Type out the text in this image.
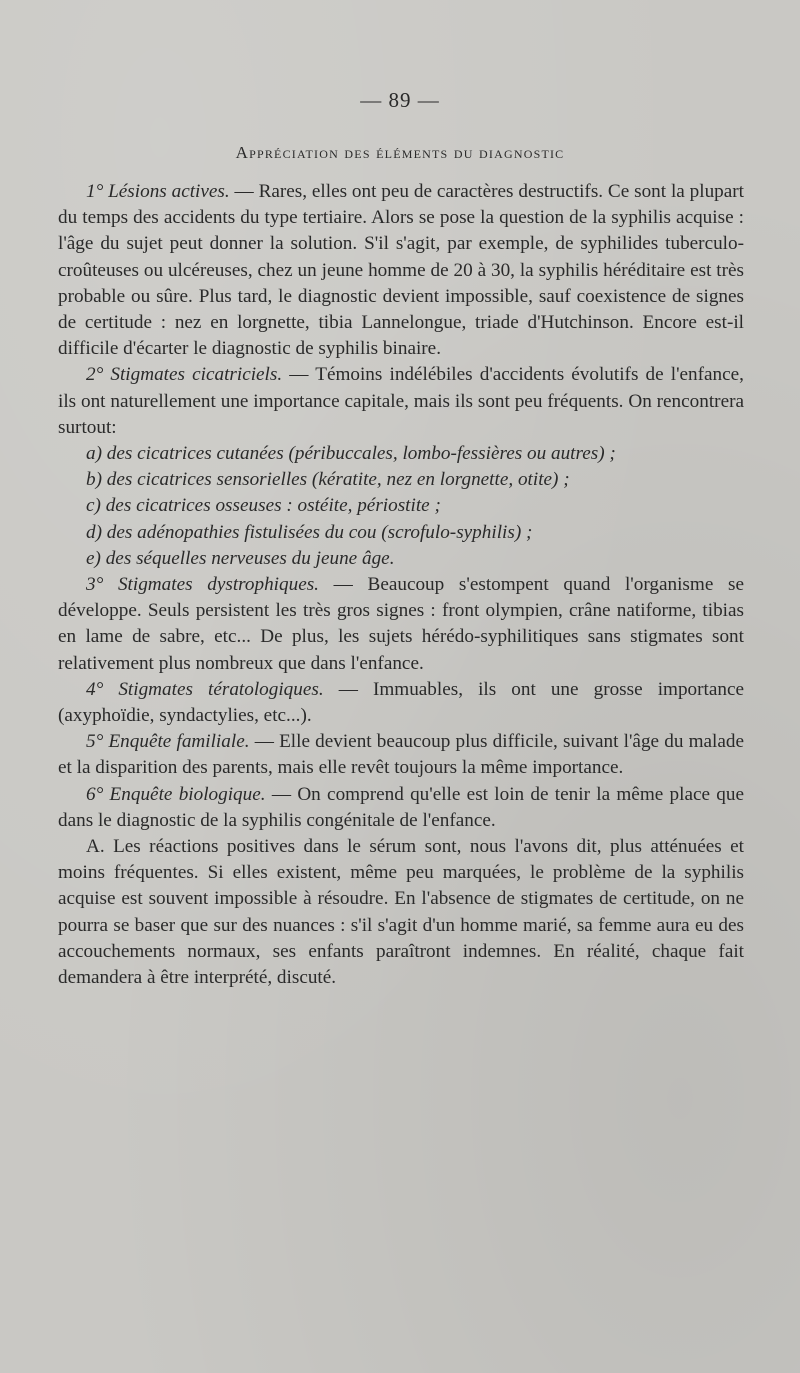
— 89 —
Appréciation des éléments du diagnostic

1° Lésions actives. — Rares, elles ont peu de caractères destructifs. Ce sont la plupart du temps des accidents du type tertiaire. Alors se pose la question de la syphilis acquise : l'âge du sujet peut donner la solution. S'il s'agit, par exemple, de syphilides tuberculo-croûteuses ou ulcéreuses, chez un jeune homme de 20 à 30, la syphilis héréditaire est très probable ou sûre. Plus tard, le diagnostic devient impossible, sauf coexistence de signes de certitude : nez en lorgnette, tibia Lannelongue, triade d'Hutchinson. Encore est-il difficile d'écarter le diagnostic de syphilis binaire.

2° Stigmates cicatriciels. — Témoins indélébiles d'accidents évolutifs de l'enfance, ils ont naturellement une importance capitale, mais ils sont peu fréquents. On rencontrera surtout:

a) des cicatrices cutanées (péribuccales, lombo-fessières ou autres) ;

b) des cicatrices sensorielles (kératite, nez en lorgnette, otite) ;

c) des cicatrices osseuses : ostéite, périostite ;

d) des adénopathies fistulisées du cou (scrofulo-syphilis) ;

e) des séquelles nerveuses du jeune âge.

3° Stigmates dystrophiques. — Beaucoup s'estompent quand l'organisme se développe. Seuls persistent les très gros signes : front olympien, crâne natiforme, tibias en lame de sabre, etc... De plus, les sujets hérédo-syphilitiques sans stigmates sont relativement plus nombreux que dans l'enfance.

4° Stigmates tératologiques. — Immuables, ils ont une grosse importance (axyphoïdie, syndactylies, etc...).

5° Enquête familiale. — Elle devient beaucoup plus difficile, suivant l'âge du malade et la disparition des parents, mais elle revêt toujours la même importance.

6° Enquête biologique. — On comprend qu'elle est loin de tenir la même place que dans le diagnostic de la syphilis congénitale de l'enfance.

A. Les réactions positives dans le sérum sont, nous l'avons dit, plus atténuées et moins fréquentes. Si elles existent, même peu marquées, le problème de la syphilis acquise est souvent impossible à résoudre. En l'absence de stigmates de certitude, on ne pourra se baser que sur des nuances : s'il s'agit d'un homme marié, sa femme aura eu des accouchements normaux, ses enfants paraîtront indemnes. En réalité, chaque fait demandera à être interprété, discuté.
